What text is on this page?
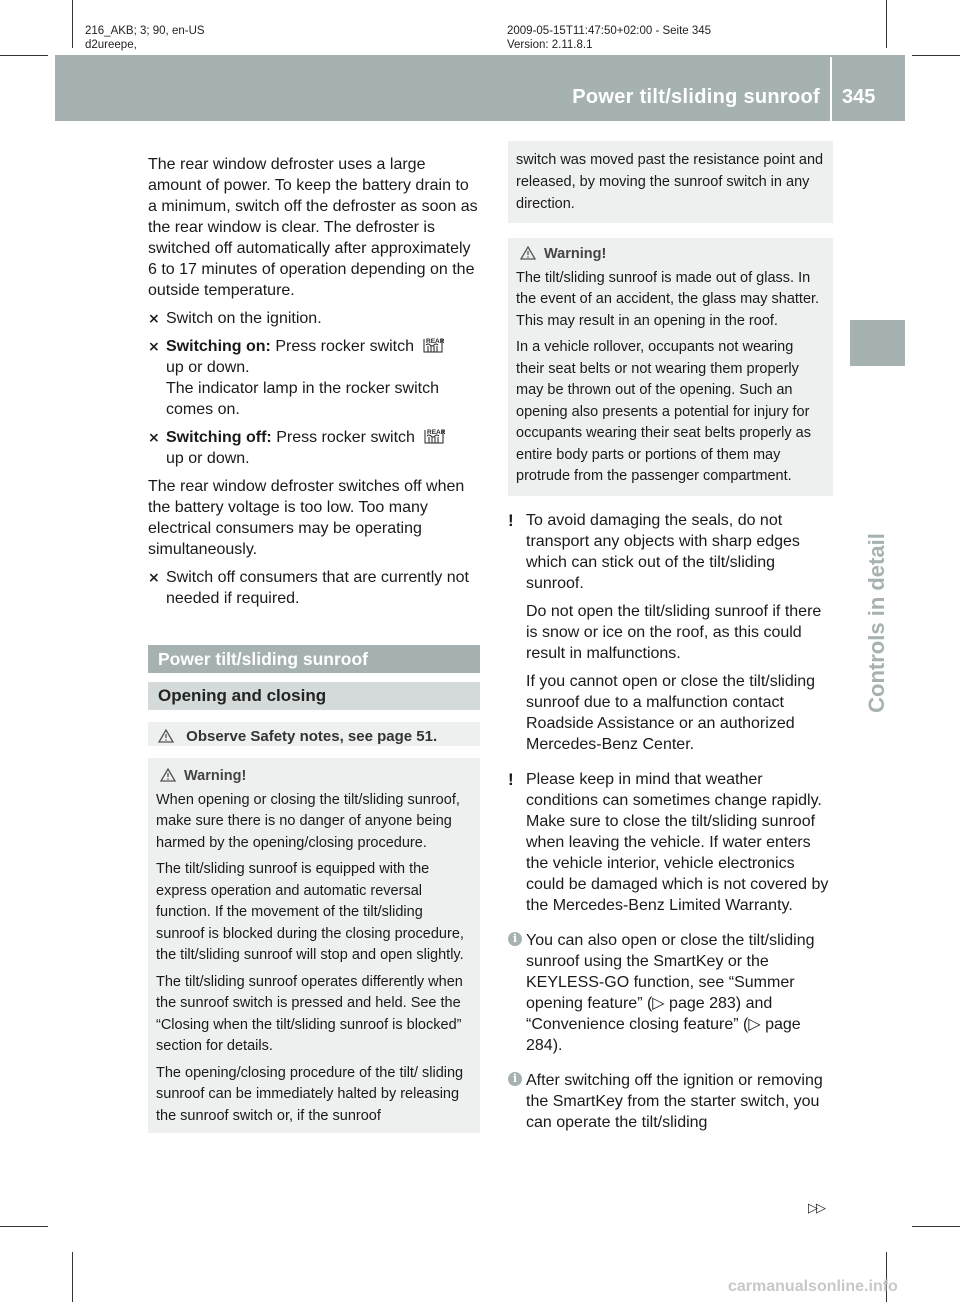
216_AKB; 3; 90, en-US
d2ureepe,
2009-05-15T11:47:50+02:00 - Seite 345
Version: 2.11.8.1
Power tilt/sliding sunroof	345
Controls in detail

The rear window defroster uses a large amount of power. To keep the battery drain to a minimum, switch off the defroster as soon as the rear window is clear. The defroster is switched off automatically after approximately 6 to 17 minutes of operation depending on the outside temperature.

⨯ Switch on the ignition.
⨯ Switching on: Press rocker switch REAR

up or down.
The indicator lamp in the rocker switch comes on.
⨯ Switching off: Press rocker switch REAR

up or down.

The rear window defroster switches off when the battery voltage is too low. Too many electrical consumers may be operating simultaneously.

⨯ Switch off consumers that are currently not needed if required.
Power tilt/sliding sunroof
Opening and closing
Observe Safety notes, see page 51.

Warning!

When opening or closing the tilt/sliding sunroof, make sure there is no danger of anyone being harmed by the opening/closing procedure.

The tilt/sliding sunroof is equipped with the express operation and automatic reversal function. If the movement of the tilt/sliding sunroof is blocked during the closing procedure, the tilt/sliding sunroof will stop and open slightly.

The tilt/sliding sunroof operates differently when the sunroof switch is pressed and held. See the “Closing when the tilt/sliding sunroof is blocked” section for details.

The opening/closing procedure of the tilt/ sliding sunroof can be immediately halted by releasing the sunroof switch or, if the sunroof

switch was moved past the resistance point and released, by moving the sunroof switch in any direction.

Warning!

The tilt/sliding sunroof is made out of glass. In the event of an accident, the glass may shatter. This may result in an opening in the roof.

In a vehicle rollover, occupants not wearing their seat belts or not wearing them properly may be thrown out of the opening. Such an opening also presents a potential for injury for occupants wearing their seat belts properly as entire body parts or portions of them may protrude from the passenger compartment.

! To avoid damaging the seals, do not transport any objects with sharp edges which can stick out of the tilt/sliding sunroof.

Do not open the tilt/sliding sunroof if there is snow or ice on the roof, as this could result in malfunctions.

If you cannot open or close the tilt/sliding sunroof due to a malfunction contact Roadside Assistance or an authorized Mercedes-Benz Center.

! Please keep in mind that weather conditions can sometimes change rapidly. Make sure to close the tilt/sliding sunroof when leaving the vehicle. If water enters the vehicle interior, vehicle electronics could be damaged which is not covered by the Mercedes-Benz Limited Warranty.

i You can also open or close the tilt/sliding sunroof using the SmartKey or the KEYLESS-GO function, see “Summer opening feature” (▷ page 283) and “Convenience closing feature” (▷ page 284).

i After switching off the ignition or removing the SmartKey from the starter switch, you can operate the tilt/sliding

▷▷
carmanualsonline.info
